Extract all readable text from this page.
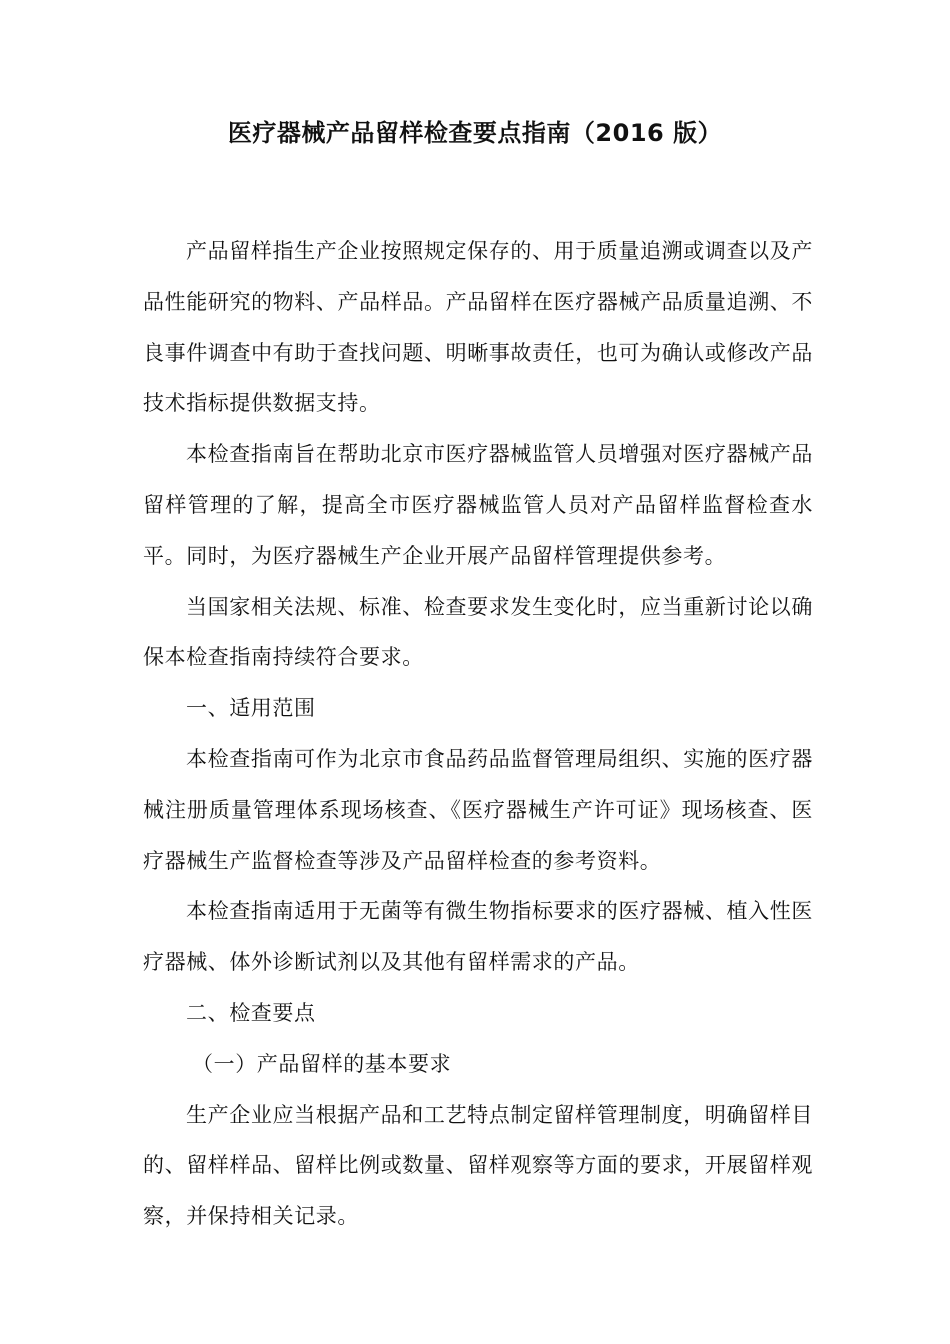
医疗器械产品留样检查要点指南（2016 版）

产品留样指生产企业按照规定保存的、用于质量追溯或调查以及产品性能研究的物料、产品样品。产品留样在医疗器械产品质量追溯、不良事件调查中有助于查找问题、明晰事故责任，也可为确认或修改产品技术指标提供数据支持。

本检查指南旨在帮助北京市医疗器械监管人员增强对医疗器械产品留样管理的了解，提高全市医疗器械监管人员对产品留样监督检查水平。同时，为医疗器械生产企业开展产品留样管理提供参考。

当国家相关法规、标准、检查要求发生变化时，应当重新讨论以确保本检查指南持续符合要求。

一、适用范围

本检查指南可作为北京市食品药品监督管理局组织、实施的医疗器械注册质量管理体系现场核查、《医疗器械生产许可证》现场核查、医疗器械生产监督检查等涉及产品留样检查的参考资料。

本检查指南适用于无菌等有微生物指标要求的医疗器械、植入性医疗器械、体外诊断试剂以及其他有留样需求的产品。

二、检查要点

（一）产品留样的基本要求

生产企业应当根据产品和工艺特点制定留样管理制度，明确留样目的、留样样品、留样比例或数量、留样观察等方面的要求，开展留样观察，并保持相关记录。
